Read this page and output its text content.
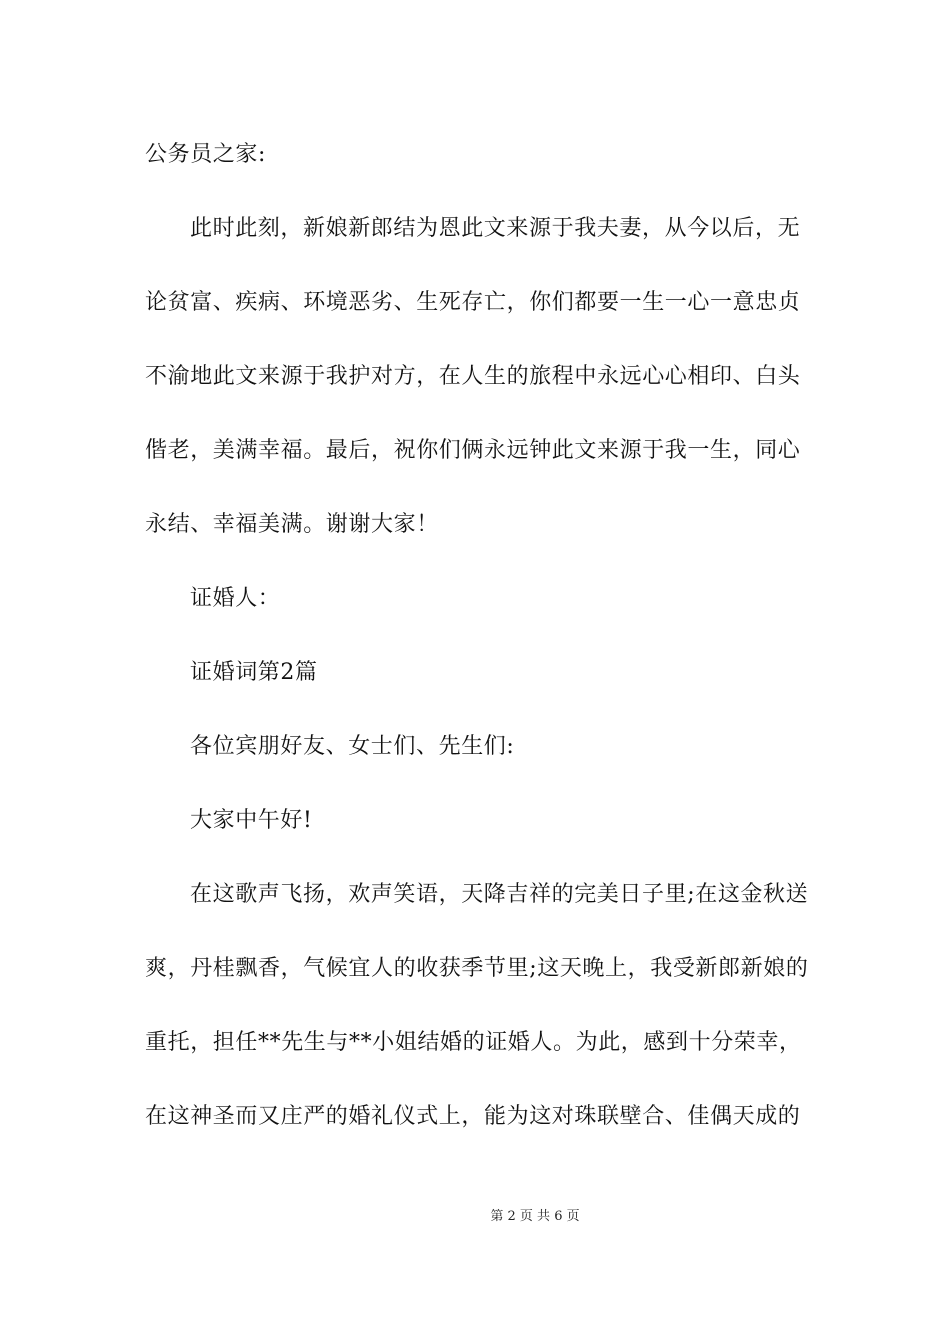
公务员之家:
此时此刻，新娘新郎结为恩此文来源于我夫妻，从今以后，无
论贫富、疾病、环境恶劣、生死存亡，你们都要一生一心一意忠贞
不渝地此文来源于我护对方，在人生的旅程中永远心心相印、白头
偕老，美满幸福。最后，祝你们俩永远钟此文来源于我一生，同心
永结、幸福美满。谢谢大家！
证婚人：
证婚词第2篇
各位宾朋好友、女士们、先生们:
大家中午好!
在这歌声飞扬，欢声笑语，天降吉祥的完美日子里;在这金秋送
爽，丹桂飘香，气候宜人的收获季节里;这天晚上，我受新郎新娘的
重托，担任**先生与**小姐结婚的证婚人。为此，感到十分荣幸，
在这神圣而又庄严的婚礼仪式上，能为这对珠联壁合、佳偶天成的
第 2 页 共 6 页
